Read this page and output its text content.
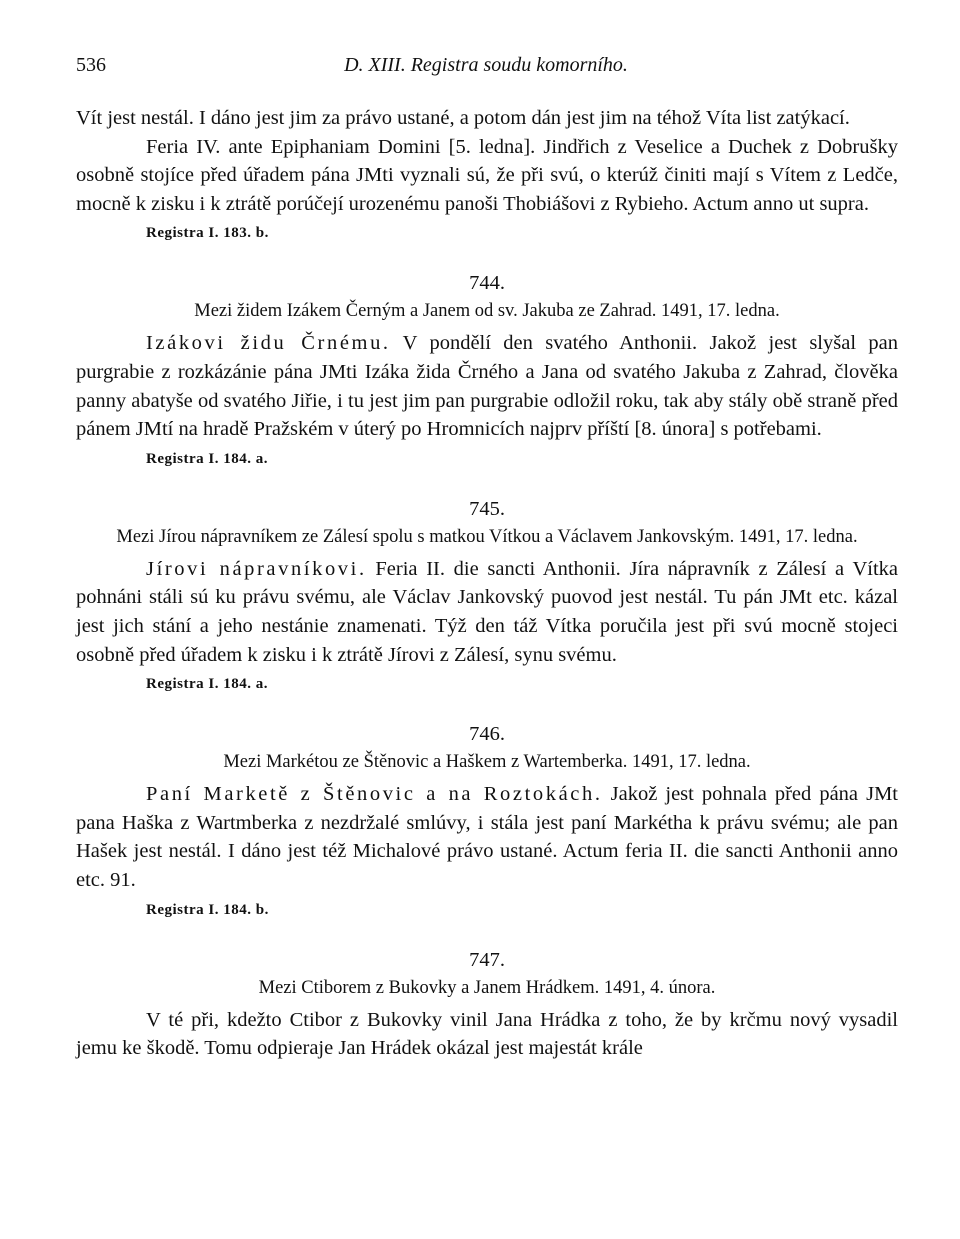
536	D. XIII. Registra soudu komorního.

Vít jest nestál. I dáno jest jim za právo ustané, a potom dán jest jim na téhož Víta list zatýkací.

Feria IV. ante Epiphaniam Domini [5. ledna]. Jindřich z Veselice a Duchek z Dobrušky osobně stojíce před úřadem pána JMti vyznali sú, že při svú, o kterúž činiti mají s Vítem z Ledče, mocně k zisku i k ztrátě porúčejí urozenému panoši Thobiášovi z Rybieho. Actum anno ut supra.

Registra I. 183. b.
744.
Mezi židem Izákem Černým a Janem od sv. Jakuba ze Zahrad. 1491, 17. ledna.

Izákovi židu Črnému. V pondělí den svatého Anthonii. Jakož jest slyšal pan purgrabie z rozkázánie pána JMti Izáka žida Črného a Jana od svatého Jakuba z Zahrad, člověka panny abatyše od svatého Jiřie, i tu jest jim pan purgrabie odložil roku, tak aby stály obě straně před pánem JMtí na hradě Pražském v úterý po Hromnicích najprv příští [8. února] s potřebami.

Registra I. 184. a.
745.
Mezi Jírou nápravníkem ze Zálesí spolu s matkou Vítkou a Václavem Jankovským. 1491, 17. ledna.

Jírovi nápravníkovi. Feria II. die sancti Anthonii. Jíra nápravník z Zálesí a Vítka pohnáni stáli sú ku právu svému, ale Václav Jankovský puovod jest nestál. Tu pán JMt etc. kázal jest jich stání a jeho nestánie znamenati. Týž den táž Vítka poručila jest při svú mocně stojeci osobně před úřadem k zisku i k ztrátě Jírovi z Zálesí, synu svému.

Registra I. 184. a.
746.
Mezi Markétou ze Štěnovic a Haškem z Wartemberka. 1491, 17. ledna.

Paní Marketě z Štěnovic a na Roztokách. Jakož jest pohnala před pána JMt pana Haška z Wartmberka z nezdržalé smlúvy, i stála jest paní Markétha k právu svému; ale pan Hašek jest nestál. I dáno jest též Michalové právo ustané. Actum feria II. die sancti Anthonii anno etc. 91.

Registra I. 184. b.
747.
Mezi Ctiborem z Bukovky a Janem Hrádkem. 1491, 4. února.

V té při, kdežto Ctibor z Bukovky vinil Jana Hrádka z toho, že by krčmu nový vysadil jemu ke škodě. Tomu odpieraje Jan Hrádek okázal jest majestát krále
